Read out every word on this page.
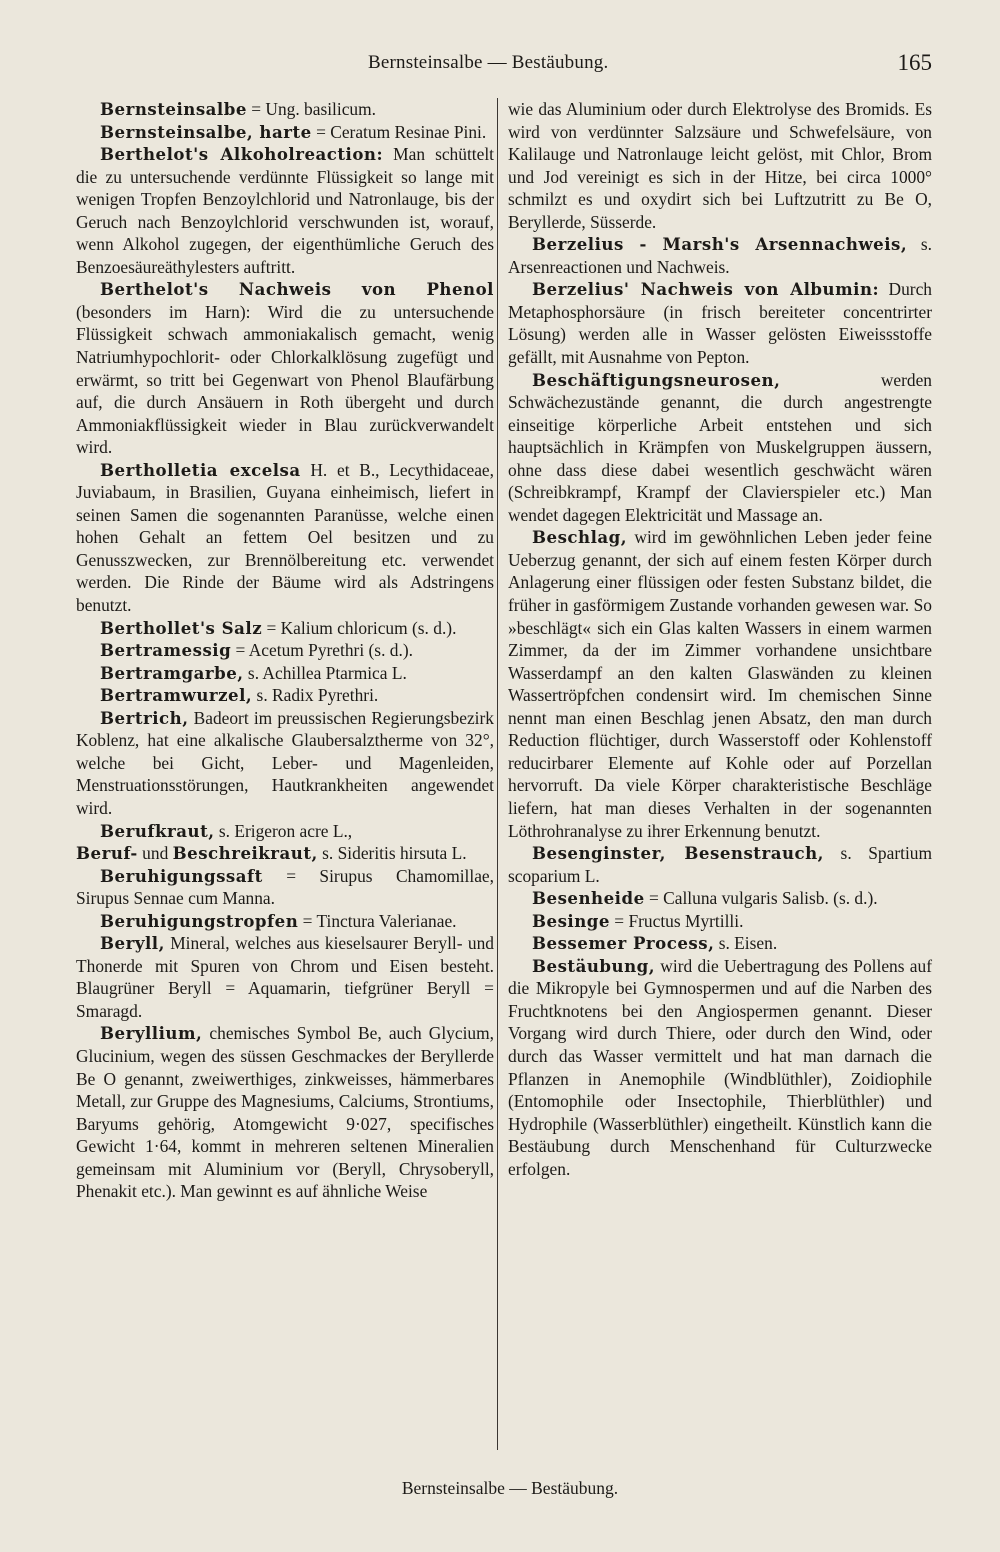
Bernsteinsalbe — Bestäubung.	165

Bernsteinsalbe = Ung. basilicum.

Bernsteinsalbe, harte = Ceratum Resinae Pini.

Berthelot's Alkoholreaction: Man schüttelt die zu untersuchende verdünnte Flüssigkeit so lange mit wenigen Tropfen Benzoylchlorid und Natronlauge, bis der Geruch nach Benzoylchlorid verschwunden ist, worauf, wenn Alkohol zugegen, der eigenthümliche Geruch des Benzoesäureäthylesters auftritt.

Berthelot's Nachweis von Phenol (besonders im Harn): Wird die zu untersuchende Flüssigkeit schwach ammoniakalisch gemacht, wenig Natriumhypochlorit- oder Chlorkalklösung zugefügt und erwärmt, so tritt bei Gegenwart von Phenol Blaufärbung auf, die durch Ansäuern in Roth übergeht und durch Ammoniakflüssigkeit wieder in Blau zurückverwandelt wird.

Bertholletia excelsa H. et B., Lecythidaceae, Juviabaum, in Brasilien, Guyana einheimisch, liefert in seinen Samen die sogenannten Paranüsse, welche einen hohen Gehalt an fettem Oel besitzen und zu Genusszwecken, zur Brennölbereitung etc. verwendet werden. Die Rinde der Bäume wird als Adstringens benutzt.

Berthollet's Salz = Kalium chloricum (s. d.).

Bertramessig = Acetum Pyrethri (s. d.).

Bertramgarbe, s. Achillea Ptarmica L.

Bertramwurzel, s. Radix Pyrethri.

Bertrich, Badeort im preussischen Regierungsbezirk Koblenz, hat eine alkalische Glaubersalztherme von 32°, welche bei Gicht, Leber- und Magenleiden, Menstruationsstörungen, Hautkrankheiten angewendet wird.

Berufkraut, s. Erigeron acre L.,

Beruf- und Beschreikraut, s. Sideritis hirsuta L.

Beruhigungssaft = Sirupus Chamomillae, Sirupus Sennae cum Manna.

Beruhigungstropfen = Tinctura Valerianae.

Beryll, Mineral, welches aus kieselsaurer Beryll- und Thonerde mit Spuren von Chrom und Eisen besteht. Blaugrüner Beryll = Aquamarin, tiefgrüner Beryll = Smaragd.

Beryllium, chemisches Symbol Be, auch Glycium, Glucinium, wegen des süssen Geschmackes der Beryllerde Be O genannt, zweiwerthiges, zinkweisses, hämmerbares Metall, zur Gruppe des Magnesiums, Calciums, Strontiums, Baryums gehörig, Atomgewicht 9·027, specifisches Gewicht 1·64, kommt in mehreren seltenen Mineralien gemeinsam mit Aluminium vor (Beryll, Chrysoberyll, Phenakit etc.). Man gewinnt es auf ähnliche Weise

wie das Aluminium oder durch Elektrolyse des Bromids. Es wird von verdünnter Salzsäure und Schwefelsäure, von Kalilauge und Natronlauge leicht gelöst, mit Chlor, Brom und Jod vereinigt es sich in der Hitze, bei circa 1000° schmilzt es und oxydirt sich bei Luftzutritt zu Be O, Beryllerde, Süsserde.

Berzelius - Marsh's Arsennachweis, s. Arsenreactionen und Nachweis.

Berzelius' Nachweis von Albumin: Durch Metaphosphorsäure (in frisch bereiteter concentrirter Lösung) werden alle in Wasser gelösten Eiweissstoffe gefällt, mit Ausnahme von Pepton.

Beschäftigungsneurosen, werden Schwächezustände genannt, die durch angestrengte einseitige körperliche Arbeit entstehen und sich hauptsächlich in Krämpfen von Muskelgruppen äussern, ohne dass diese dabei wesentlich geschwächt wären (Schreibkrampf, Krampf der Clavierspieler etc.) Man wendet dagegen Elektricität und Massage an.

Beschlag, wird im gewöhnlichen Leben jeder feine Ueberzug genannt, der sich auf einem festen Körper durch Anlagerung einer flüssigen oder festen Substanz bildet, die früher in gasförmigem Zustande vorhanden gewesen war. So »beschlägt« sich ein Glas kalten Wassers in einem warmen Zimmer, da der im Zimmer vorhandene unsichtbare Wasserdampf an den kalten Glaswänden zu kleinen Wassertröpfchen condensirt wird. Im chemischen Sinne nennt man einen Beschlag jenen Absatz, den man durch Reduction flüchtiger, durch Wasserstoff oder Kohlenstoff reducirbarer Elemente auf Kohle oder auf Porzellan hervorruft. Da viele Körper charakteristische Beschläge liefern, hat man dieses Verhalten in der sogenannten Löthrohranalyse zu ihrer Erkennung benutzt.

Besenginster, Besenstrauch, s. Spartium scoparium L.

Besenheide = Calluna vulgaris Salisb. (s. d.).

Besinge = Fructus Myrtilli.

Bessemer Process, s. Eisen.

Bestäubung, wird die Uebertragung des Pollens auf die Mikropyle bei Gymnospermen und auf die Narben des Fruchtknotens bei den Angiospermen genannt. Dieser Vorgang wird durch Thiere, oder durch den Wind, oder durch das Wasser vermittelt und hat man darnach die Pflanzen in Anemophile (Windblüthler), Zoidiophile (Entomophile oder Insectophile, Thierblüthler) und Hydrophile (Wasserblüthler) eingetheilt. Künstlich kann die Bestäubung durch Menschenhand für Culturzwecke erfolgen.

Bernsteinsalbe — Bestäubung.
